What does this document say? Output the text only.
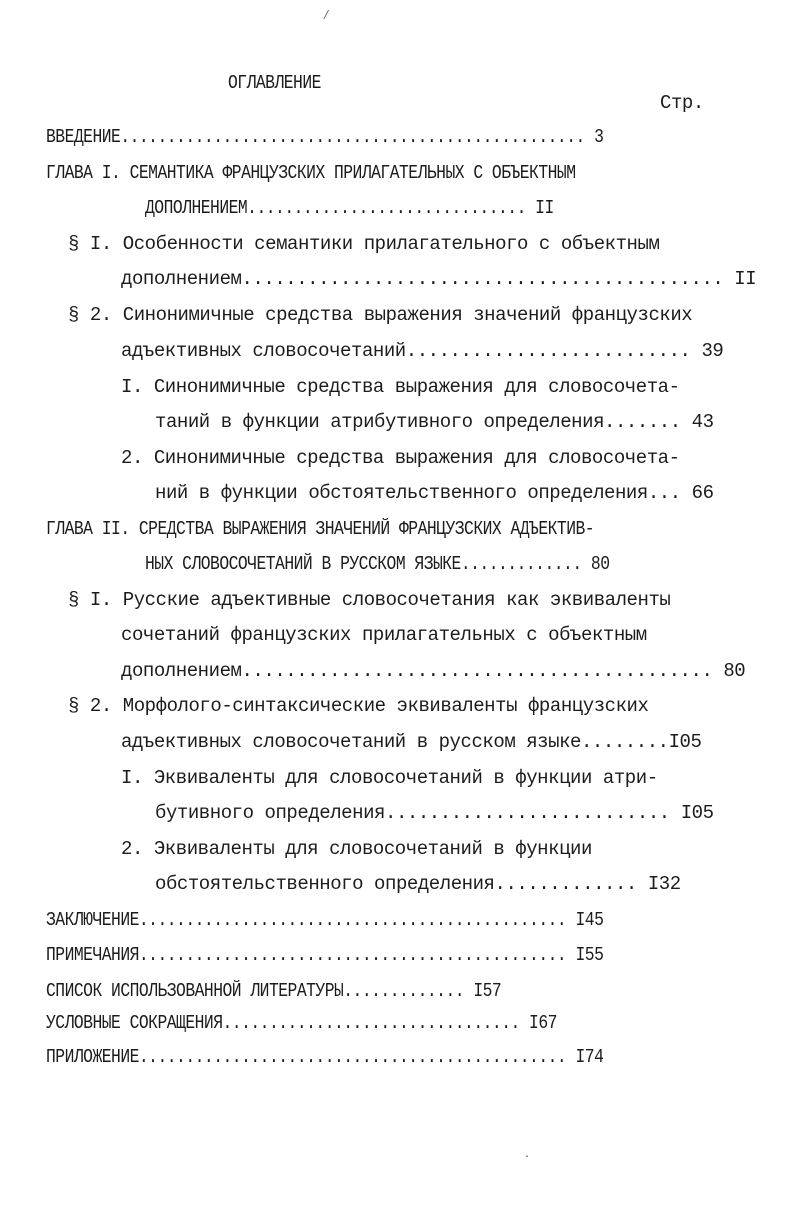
⁄
ОГЛАВЛЕНИЕ
Стр.
ВВЕДЕНИЕ.................................................. 3
ГЛАВА I. СЕМАНТИКА ФРАНЦУЗСКИХ ПРИЛАГАТЕЛЬНЫХ С ОБЪЕКТНЫМ
ДОПОЛНЕНИЕМ.............................. II
§ I. Особенности семантики прилагательного с объектным
дополнением............................................ II
§ 2. Синонимичные средства выражения значений французских
адъективных словосочетаний.......................... 39
I. Синонимичные средства выражения для словосочета-
таний в функции атрибутивного определения....... 43
2. Синонимичные средства выражения для словосочета-
ний в функции обстоятельственного определения... 66
ГЛАВА II. СРЕДСТВА ВЫРАЖЕНИЯ ЗНАЧЕНИЙ ФРАНЦУЗСКИХ АДЪЕКТИВ-
НЫХ СЛОВОСОЧЕТАНИЙ В РУССКОМ ЯЗЫКЕ............. 80
§ I. Русские адъективные словосочетания как эквиваленты
сочетаний французских прилагательных с объектным
дополнением........................................... 80
§ 2. Морфолого-синтаксические эквиваленты французских
адъективных словосочетаний в русском языке........I05
I. Эквиваленты для словосочетаний в функции атри-
бутивного определения.......................... I05
2. Эквиваленты для словосочетаний в функции
обстоятельственного определения............. I32
ЗАКЛЮЧЕНИЕ.............................................. I45
ПРИМЕЧАНИЯ.............................................. I55
СПИСОК ИСПОЛЬЗОВАННОЙ ЛИТЕРАТУРЫ............. I57
УСЛОВНЫЕ СОКРАЩЕНИЯ................................ I67
ПРИЛОЖЕНИЕ.............................................. I74
·
